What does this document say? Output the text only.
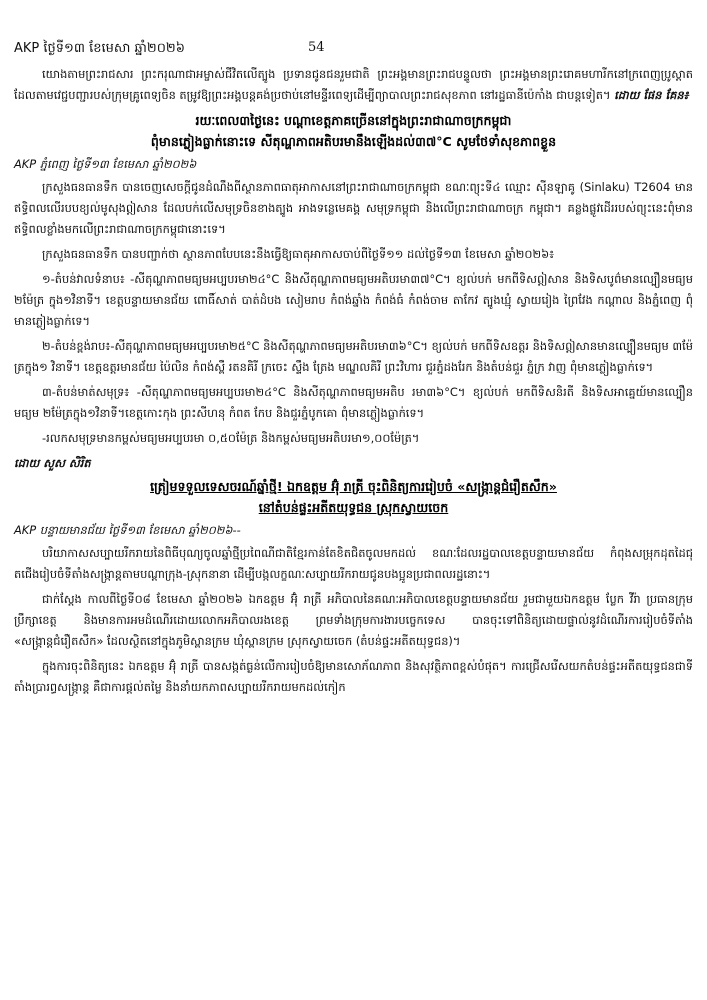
AKP ថ្ងៃទី១៣ ខែមេសា ឆ្នាំ២០២៦	54

យោងតាមព្រះរាជសារ ព្រះករុណាជាអម្ចាស់ជីវិតលើត្បូង ប្រទានជូនជនរួមជាតិ ព្រះអង្គមានព្រះរាជបន្ទូលថា ព្រះអង្គមានព្រះរោគមហារីកនៅក្រពេញប្រូស្តាត ដែលតាមវេជ្ជបញ្ជារបស់ក្រុមគ្រូពេទ្យចិន តម្រូវឱ្យព្រះអង្គបន្តគង់ប្រថាប់នៅមន្ទីរពេទ្យដើម្បីព្យាបាលព្រះរាជសុខភាព នៅរដ្ឋធានីប៉េកាំង ជាបន្តទៀត។ ដោយ ផែន គែន៖

រយៈពេល៣ថ្ងៃនេះ បណ្តាខេត្តភាគច្រើននៅក្នុងព្រះរាជាណាចក្រកម្ពុជា

ពុំមានភ្លៀងធ្លាក់នោះទេ សីតុណ្ហភាពអតិបរមានឹងឡើងដល់៣៧°C សូមថែទាំសុខភាពខ្លួន

AKP ភ្នំពេញ ថ្ងៃទី១៣ ខែមេសា ឆ្នាំ២០២៦

ក្រសួងធនធានទឹក បានចេញសេចក្តីជូនដំណឹងពីស្ថានភាពធាតុអាកាសនៅព្រះរាជាណាចក្រកម្ពុជា ខណៈព្យុះទី៤ ឈ្មោះ ស៊ីនឡាគូ (Sinlaku) T2604 មានឥទ្ធិពលលើរបបខ្យល់មូសុងឦសាន ដែលបក់លើសមុទ្រចិនខាងត្បូង អាងទន្លេមេគង្គ សមុទ្រកម្ពុជា និងលើព្រះរាជាណាចក្រ កម្ពុជា។ គន្លងផ្លូវដើររបស់ព្យុះនេះពុំមានឥទ្ធិពលខ្លាំងមកលើព្រះរាជាណាចក្រកម្ពុជានោះទេ។

ក្រសួងធនធានទឹក បានបញ្ជាក់ថា ស្ថានភាពបែបនេះនឹងធ្វើឱ្យធាតុអាកាសចាប់ពីថ្ងៃទី១១ ដល់ថ្ងៃទី១៣ ខែមេសា ឆ្នាំ២០២៦៖

១-តំបន់វាលទំនាប៖ -សីតុណ្ហភាពមធ្យមអប្បបរមា២៤°C និងសីតុណ្ហភាពមធ្យមអតិបរមា៣៧°C។ ខ្យល់បក់ មកពីទិសឦសាន និងទិសបូព៌មានល្បឿនមធ្យម ២ម៉ែត្រ ក្នុង១វិនាទី។ ខេត្តបន្ទាយមានជ័យ ពោធិ៍សាត់ បាត់ដំបង សៀមរាប កំពង់ឆ្នាំង កំពង់ធំ កំពង់ចាម តាកែវ ត្បូងឃ្មុំ ស្វាយរៀង ព្រៃវែង កណ្ដាល និងភ្នំពេញ ពុំមានភ្លៀងធ្លាក់ទេ។

២-តំបន់ខ្ពង់រាប៖-សីតុណ្ហភាពមធ្យមអប្បបរមា២៥°C និងសីតុណ្ហភាពមធ្យមអតិបរមា៣៦°C។ ខ្យល់បក់ មកពីទិសឧត្តរ និងទិសឦសានមានល្បឿនមធ្យម ៣ម៉ែត្រក្នុង១ វិនាទី។ ខេត្តឧត្តរមានជ័យ ប៉ៃលិន កំពង់ស្ពឺ រតនគិរី ក្រចេះ ស្ទឹង ត្រែង មណ្ឌលគិរី ព្រះវិហារ ជួរភ្នំដងរែក និងតំបន់ជួរ ភ្នំក្រ វាញ ពុំមានភ្លៀងធ្លាក់ទេ។

៣-តំបន់មាត់សមុទ្រ៖ -សីតុណ្ហភាពមធ្យមអប្បបរមា២៤°C និងសីតុណ្ហភាពមធ្យមអតិប រមា៣៦°C។ ខ្យល់បក់ មកពីទិសនិរតី និងទិសអាគ្នេយ៍មានល្បឿនមធ្យម ២ម៉ែត្រក្នុង១វិនាទី។ខេត្តកោះកុង ព្រះសីហនុ កំពត កែប និងជួរភ្នំបូកគោ ពុំមានភ្លៀងធ្លាក់ទេ។

-រលកសមុទ្រមានកម្ពស់មធ្យមអប្បបរមា ០,៥០ម៉ែត្រ និងកម្ពស់មធ្យមអតិបរមា១,០០ម៉ែត្រ។

ដោយ សួស សិរិត

ត្រៀមទទួលទេសចរណ៍ឆ្នាំថ្មី! ឯកឧត្តម អ៊ុំ រាត្រី ចុះពិនិត្យការរៀបចំ «សង្ក្រាន្តជំរឿតសឹក»

នៅតំបន់ផ្ទះអតីតយុទ្ធជន ស្រុកស្វាយចេក

AKP បន្ទាយមានជ័យ ថ្ងៃទី១៣ ខែមេសា ឆ្នាំ២០២៦--

បរិយាកាសសប្បាយរីករាយនៃពិធីបុណ្យចូលឆ្នាំថ្មីប្រពៃណីជាតិខ្មែរកាន់តែខិតជិតចូលមកដល់ ខណៈដែលរដ្ឋបាលខេត្តបន្ទាយមានជ័យ កំពុងសម្រុកដុតដៃជុតជើងរៀបចំទីតាំងសង្ក្រាន្តតាមបណ្តាក្រុង-ស្រុកនានា ដើម្បីបង្កលក្ខណៈសប្បាយរីករាយជូនបងប្អូនប្រជាពលរដ្ឋនោះ។

ជាក់ស្តែង កាលពីថ្ងៃទី០៨ ខែមេសា ឆ្នាំ២០២៦ ឯកឧត្តម អ៊ុំ រាត្រី អភិបាលនៃគណៈអភិបាលខេត្តបន្ទាយមានជ័យ រួមជាមួយឯកឧត្តម ប្លែក វីរ៉ា ប្រធានក្រុមប្រឹក្សាខេត្ត និងមានការអមដំណើរដោយលោកអភិបាលរងខេត្ត ព្រមទាំងក្រុមការងារបច្ចេកទេស បានចុះទៅពិនិត្យដោយផ្ទាល់នូវដំណើរការរៀបចំទីតាំង «សង្ក្រាន្តជំរឿតសឹក» ដែលស្ថិតនៅក្នុងភូមិស្ពានក្រម ឃុំស្ពានក្រម ស្រុកស្វាយចេក (តំបន់ផ្ទះអតីតយុទ្ធជន)។

ក្នុងការចុះពិនិត្យនេះ ឯកឧត្តម អ៊ុំ រាត្រី បានសង្កត់ធ្ងន់លើការរៀបចំឱ្យមានសោភ័ណភាព និងសុវត្ថិភាពខ្ពស់បំផុត។ ការជ្រើសរើសយកតំបន់ផ្ទះអតីតយុទ្ធជនជាទីតាំងប្រារព្ធសង្ក្រាន្ត គឺជាការផ្តល់តម្លៃ និងនាំយកភាពសប្បាយរីករាយមកដល់កៀក
